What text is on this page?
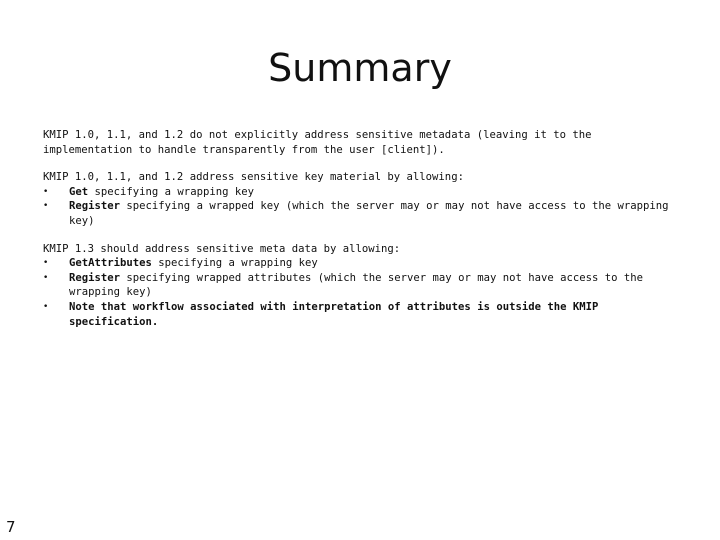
Summary

KMIP 1.0, 1.1, and 1.2 do not explicitly address sensitive metadata (leaving it to the implementation to handle transparently from the user [client]).

KMIP 1.0, 1.1, and 1.2 address sensitive key material by allowing:

• Get specifying a wrapping key
• Register specifying a wrapped key (which the server may or may not have access to the wrapping key)

KMIP 1.3 should address sensitive meta data by allowing:

• GetAttributes specifying a wrapping key
• Register specifying wrapped attributes (which the server may or may not have access to the wrapping key)
• Note that workflow associated with interpretation of attributes is outside the KMIP specification.
7
